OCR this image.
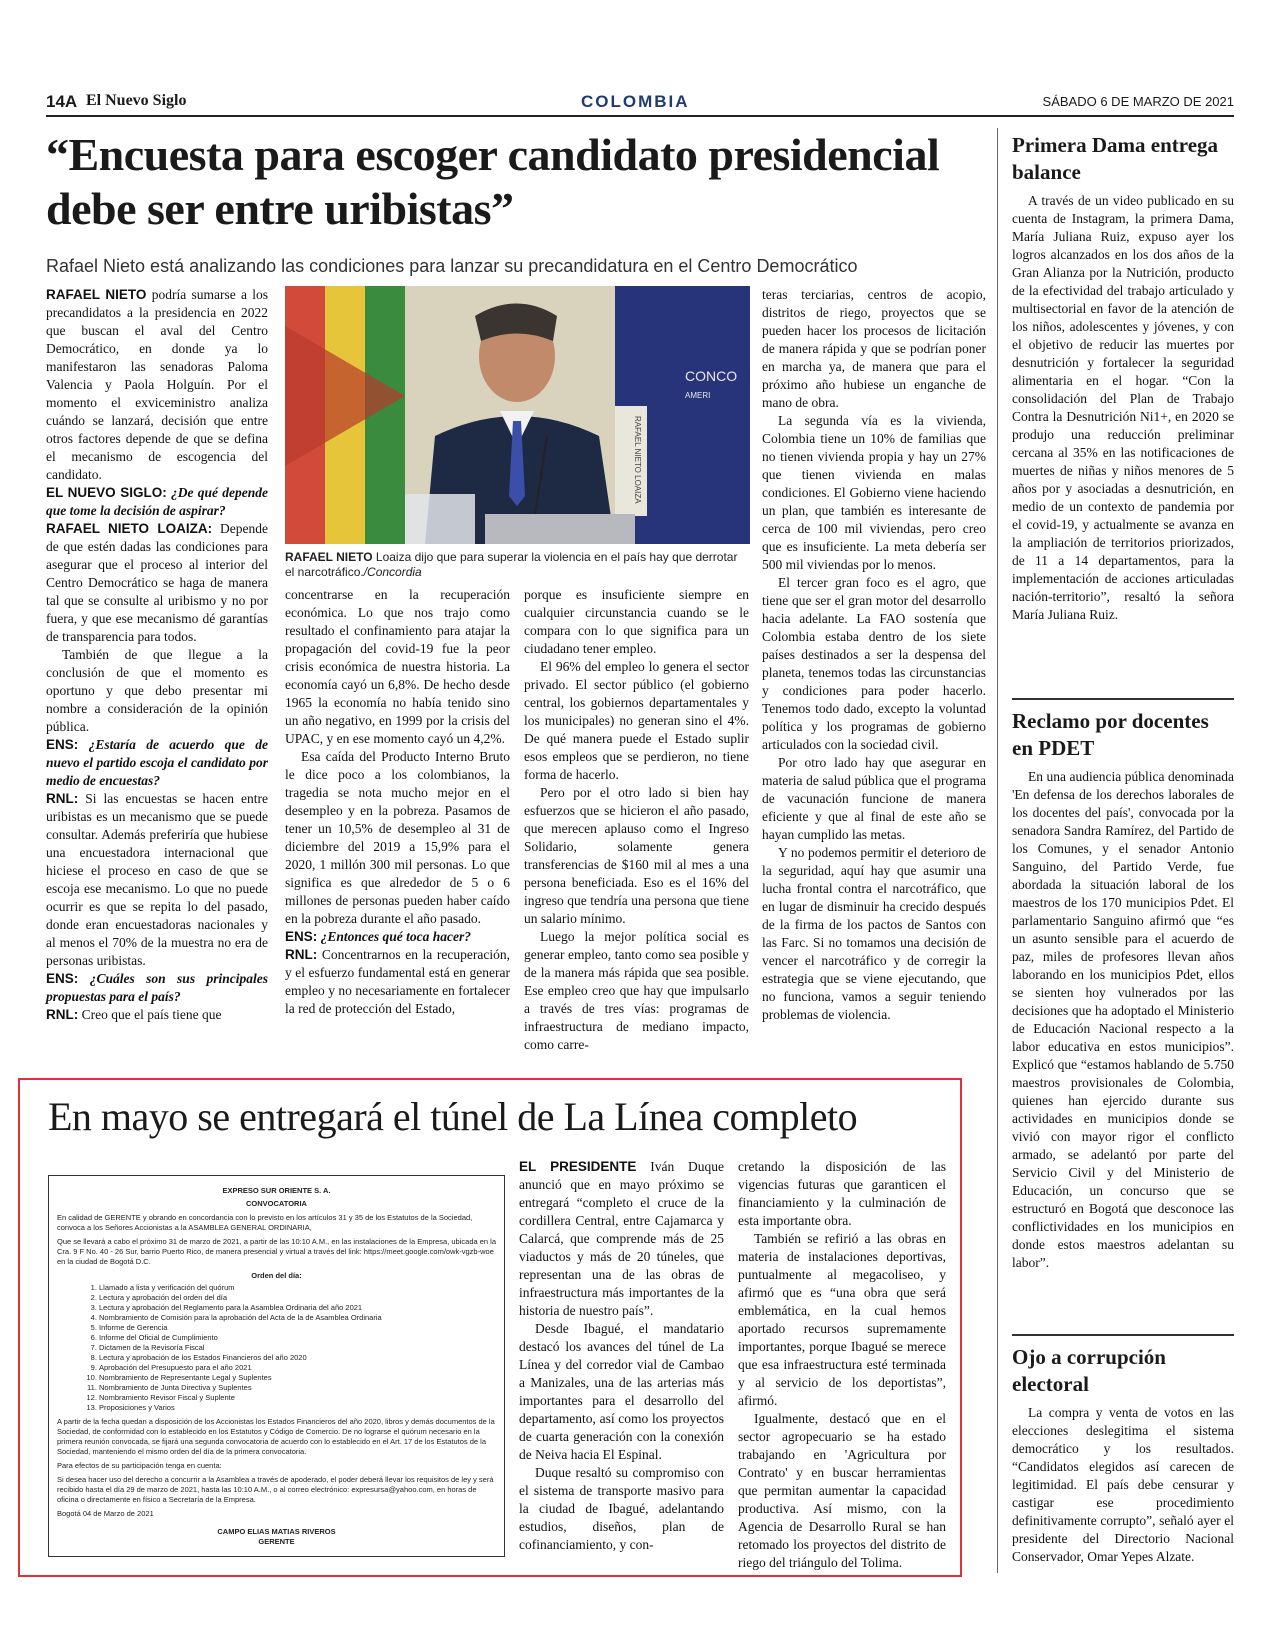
14A El Nuevo Siglo	COLOMBIA	SÁBADO 6 DE MARZO DE 2021
“Encuesta para escoger candidato presidencial debe ser entre uribistas”
Rafael Nieto está analizando las condiciones para lanzar su precandidatura en el Centro Democrático

RAFAEL NIETO podría sumarse a los precandidatos a la presidencia en 2022 que buscan el aval del Centro Democrático, en donde ya lo manifestaron las senadoras Paloma Valencia y Paola Holguín. Por el momento el exviceministro analiza cuándo se lanzará, decisión que entre otros factores depende de que se defina el mecanismo de escogencia del candidato.

EL NUEVO SIGLO: ¿De qué depende que tome la decisión de aspirar?

RAFAEL NIETO LOAIZA: Depende de que estén dadas las condiciones para asegurar que el proceso al interior del Centro Democrático se haga de manera tal que se consulte al uribismo y no por fuera, y que ese mecanismo dé garantías de transparencia para todos.

También de que llegue a la conclusión de que el momento es oportuno y que debo presentar mi nombre a consideración de la opinión pública.

ENS: ¿Estaría de acuerdo que de nuevo el partido escoja el candidato por medio de encuestas?

RNL: Si las encuestas se hacen entre uribistas es un mecanismo que se puede consultar. Además preferiría que hubiese una encuestadora internacional que hiciese el proceso en caso de que se escoja ese mecanismo. Lo que no puede ocurrir es que se repita lo del pasado, donde eran encuestadoras nacionales y al menos el 70% de la muestra no era de personas uribistas.

ENS: ¿Cuáles son sus principales propuestas para el país?

RNL: Creo que el país tiene que

RAFAEL NIETO LOAIZA
CONCO
AMERI
RAFAEL NIETO Loaiza dijo que para superar la violencia en el país hay que derrotar el narcotráfico./Concordia

concentrarse en la recuperación económica. Lo que nos trajo como resultado el confinamiento para atajar la propagación del covid-19 fue la peor crisis económica de nuestra historia. La economía cayó un 6,8%. De hecho desde 1965 la economía no había tenido sino un año negativo, en 1999 por la crisis del UPAC, y en ese momento cayó un 4,2%.

Esa caída del Producto Interno Bruto le dice poco a los colombianos, la tragedia se nota mucho mejor en el desempleo y en la pobreza. Pasamos de tener un 10,5% de desempleo al 31 de diciembre del 2019 a 15,9% para el 2020, 1 millón 300 mil personas. Lo que significa es que alrededor de 5 o 6 millones de personas pueden haber caído en la pobreza durante el año pasado.

ENS: ¿Entonces qué toca hacer?

RNL: Concentrarnos en la recuperación, y el esfuerzo fundamental está en generar empleo y no necesariamente en fortalecer la red de protección del Estado,

porque es insuficiente siempre en cualquier circunstancia cuando se le compara con lo que significa para un ciudadano tener empleo.

El 96% del empleo lo genera el sector privado. El sector público (el gobierno central, los gobiernos departamentales y los municipales) no generan sino el 4%. De qué manera puede el Estado suplir esos empleos que se perdieron, no tiene forma de hacerlo.

Pero por el otro lado si bien hay esfuerzos que se hicieron el año pasado, que merecen aplauso como el Ingreso Solidario, solamente genera transferencias de $160 mil al mes a una persona beneficiada. Eso es el 16% del ingreso que tendría una persona que tiene un salario mínimo.

Luego la mejor política social es generar empleo, tanto como sea posible y de la manera más rápida que sea posible. Ese empleo creo que hay que impulsarlo a través de tres vías: programas de infraestructura de mediano impacto, como carre-

teras terciarias, centros de acopio, distritos de riego, proyectos que se pueden hacer los procesos de licitación de manera rápida y que se podrían poner en marcha ya, de manera que para el próximo año hubiese un enganche de mano de obra.

La segunda vía es la vivienda, Colombia tiene un 10% de familias que no tienen vivienda propia y hay un 27% que tienen vivienda en malas condiciones. El Gobierno viene haciendo un plan, que también es interesante de cerca de 100 mil viviendas, pero creo que es insuficiente. La meta debería ser 500 mil viviendas por lo menos.

El tercer gran foco es el agro, que tiene que ser el gran motor del desarrollo hacia adelante. La FAO sostenía que Colombia estaba dentro de los siete países destinados a ser la despensa del planeta, tenemos todas las circunstancias y condiciones para poder hacerlo. Tenemos todo dado, excepto la voluntad política y los programas de gobierno articulados con la sociedad civil.

Por otro lado hay que asegurar en materia de salud pública que el programa de vacunación funcione de manera eficiente y que al final de este año se hayan cumplido las metas.

Y no podemos permitir el deterioro de la seguridad, aquí hay que asumir una lucha frontal contra el narcotráfico, que en lugar de disminuir ha crecido después de la firma de los pactos de Santos con las Farc. Si no tomamos una decisión de vencer el narcotráfico y de corregir la estrategia que se viene ejecutando, que no funciona, vamos a seguir teniendo problemas de violencia.

Primera Dama entrega balance

A través de un video publicado en su cuenta de Instagram, la primera Dama, María Juliana Ruiz, expuso ayer los logros alcanzados en los dos años de la Gran Alianza por la Nutrición, producto de la efectividad del trabajo articulado y multisectorial en favor de la atención de los niños, adolescentes y jóvenes, y con el objetivo de reducir las muertes por desnutrición y fortalecer la seguridad alimentaria en el hogar. “Con la consolidación del Plan de Trabajo Contra la Desnutrición Ni1+, en 2020 se produjo una reducción preliminar cercana al 35% en las notificaciones de muertes de niñas y niños menores de 5 años por y asociadas a desnutrición, en medio de un contexto de pandemia por el covid-19, y actualmente se avanza en la ampliación de territorios priorizados, de 11 a 14 departamentos, para la implementación de acciones articuladas nación-territorio”, resaltó la señora María Juliana Ruiz.

Reclamo por docentes en PDET

En una audiencia pública denominada 'En defensa de los derechos laborales de los docentes del país', convocada por la senadora Sandra Ramírez, del Partido de los Comunes, y el senador Antonio Sanguino, del Partido Verde, fue abordada la situación laboral de los maestros de los 170 municipios Pdet. El parlamentario Sanguino afirmó que “es un asunto sensible para el acuerdo de paz, miles de profesores llevan años laborando en los municipios Pdet, ellos se sienten hoy vulnerados por las decisiones que ha adoptado el Ministerio de Educación Nacional respecto a la labor educativa en estos municipios”. Explicó que “estamos hablando de 5.750 maestros provisionales de Colombia, quienes han ejercido durante sus actividades en municipios donde se vivió con mayor rigor el conflicto armado, se adelantó por parte del Servicio Civil y del Ministerio de Educación, un concurso que se estructuró en Bogotá que desconoce las conflictividades en los municipios en donde estos maestros adelantan su labor”.

Ojo a corrupción electoral

La compra y venta de votos en las elecciones deslegitima el sistema democrático y los resultados. “Candidatos elegidos así carecen de legitimidad. El país debe censurar y castigar ese procedimiento definitivamente corrupto”, señaló ayer el presidente del Directorio Nacional Conservador, Omar Yepes Alzate.

En mayo se entregará el túnel de La Línea completo
EXPRESO SUR ORIENTE S. A.
CONVOCATORIA
En calidad de GERENTE y obrando en concordancia con lo previsto en los artículos 31 y 35 de los Estatutos de la Sociedad, convoca a los Señores Accionistas a la ASAMBLEA GENERAL ORDINARIA,
Que se llevará a cabo el próximo 31 de marzo de 2021, a partir de las 10:10 A.M., en las instalaciones de la Empresa, ubicada en la Cra. 9 F No. 40 - 26 Sur, barrio Puerto Rico, de manera presencial y virtual a través del link: https://meet.google.com/owk-vgzb-woe en la ciudad de Bogotá D.C.
Orden del día:
1. Llamado a lista y verificación del quórum
2. Lectura y aprobación del orden del día
3. Lectura y aprobación del Reglamento para la Asamblea Ordinaria del año 2021
4. Nombramiento de Comisión para la aprobación del Acta de la de Asamblea Ordinaria
5. Informe de Gerencia
6. Informe del Oficial de Cumplimiento
7. Dictamen de la Revisoría Fiscal
8. Lectura y aprobación de los Estados Financieros del año 2020
9. Aprobación del Presupuesto para el año 2021
10. Nombramiento de Representante Legal y Suplentes
11. Nombramiento de Junta Directiva y Suplentes
12. Nombramiento Revisor Fiscal y Suplente
13. Proposiciones y Varios
A partir de la fecha quedan a disposición de los Accionistas los Estados Financieros del año 2020, libros y demás documentos de la Sociedad, de conformidad con lo establecido en los Estatutos y Código de Comercio. De no lograrse el quórum necesario en la primera reunión convocada, se fijará una segunda convocatoria de acuerdo con lo establecido en el Art. 17 de los Estatutos de la Sociedad, manteniendo el mismo orden del día de la primera convocatoria.
Para efectos de su participación tenga en cuenta:
Si desea hacer uso del derecho a concurrir a la Asamblea a través de apoderado, el poder deberá llevar los requisitos de ley y será recibido hasta el día 29 de marzo de 2021, hasta las 10:10 A.M., o al correo electrónico: expresursa@yahoo.com, en horas de oficina o directamente en físico a Secretaría de la Empresa.
Bogotá 04 de Marzo de 2021
CAMPO ELIAS MATIAS RIVEROS
GERENTE

EL PRESIDENTE Iván Duque anunció que en mayo próximo se entregará “completo el cruce de la cordillera Central, entre Cajamarca y Calarcá, que comprende más de 25 viaductos y más de 20 túneles, que representan una de las obras de infraestructura más importantes de la historia de nuestro país”.

Desde Ibagué, el mandatario destacó los avances del túnel de La Línea y del corredor vial de Cambao a Manizales, una de las arterias más importantes para el desarrollo del departamento, así como los proyectos de cuarta generación con la conexión de Neiva hacia El Espinal.

Duque resaltó su compromiso con el sistema de transporte masivo para la ciudad de Ibagué, adelantando estudios, diseños, plan de cofinanciamiento, y con-

cretando la disposición de las vigencias futuras que garanticen el financiamiento y la culminación de esta importante obra.

También se refirió a las obras en materia de instalaciones deportivas, puntualmente al megacoliseo, y afirmó que es “una obra que será emblemática, en la cual hemos aportado recursos supremamente importantes, porque Ibagué se merece que esa infraestructura esté terminada y al servicio de los deportistas”, afirmó.

Igualmente, destacó que en el sector agropecuario se ha estado trabajando en 'Agricultura por Contrato' y en buscar herramientas que permitan aumentar la capacidad productiva. Así mismo, con la Agencia de Desarrollo Rural se han retomado los proyectos del distrito de riego del triángulo del Tolima.
